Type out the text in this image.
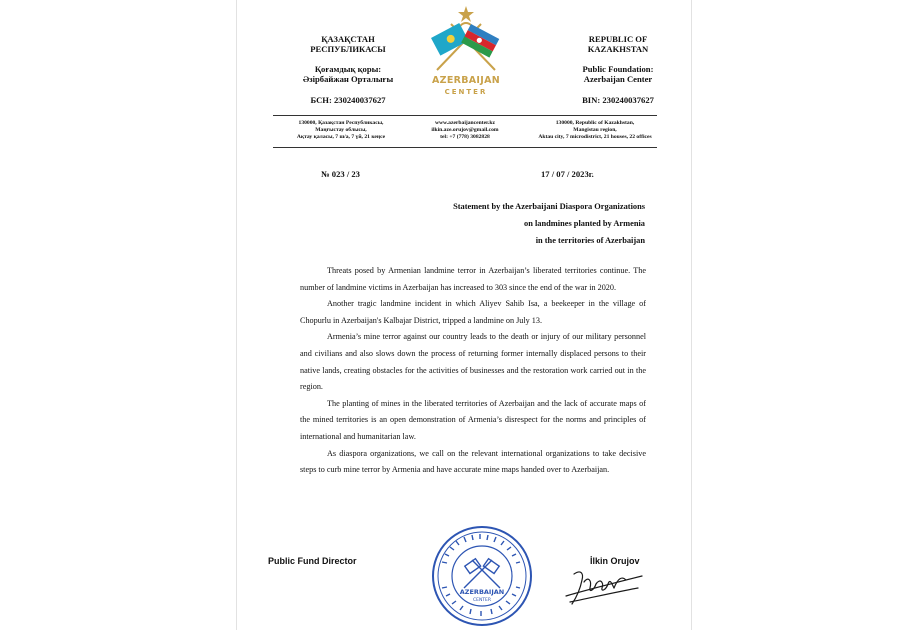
ҚАЗАҚСТАН
РЕСПУБЛИКАСЫ
Қоғамдық қоры:
Әзірбайжан Орталығы
БСН: 230240037627
AZERBAIJAN
CENTER
REPUBLIC OF
KAZAKHSTAN
Public Foundation:
Azerbaijan Center
BIN: 230240037627
130000, Қазақстан Республикасы,
Маңғыстау облысы,
Ақтау қаласы, 7 ш/а, 7 үй, 21 кеңсе
www.azerbaijancenter.kz
ilkin.aze.orujov@gmail.com
tel: +7 (778) 3082828
130000, Republic of Kazakhstan,
Mangistau region,
Aktau city, 7 microdistrict, 21 houses, 22 offices
№ 023 / 23	17 / 07 / 2023г.
Statement by the Azerbaijani Diaspora Organizations
on landmines planted by Armenia
in the territories of Azerbaijan

Threats posed by Armenian landmine terror in Azerbaijan’s liberated territories continue. The number of landmine victims in Azerbaijan has increased to 303 since the end of the war in 2020.

Another tragic landmine incident in which Aliyev Sahib Isa, a beekeeper in the village of Chopurlu in Azerbaijan's Kalbajar District, tripped a landmine on July 13.

Armenia’s mine terror against our country leads to the death or injury of our military personnel and civilians and also slows down the process of returning former internally displaced persons to their native lands, creating obstacles for the activities of businesses and the restoration work carried out in the region.

The planting of mines in the liberated territories of Azerbaijan and the lack of accurate maps of the mined territories is an open demonstration of Armenia’s disrespect for the norms and principles of international and humanitarian law.

As diaspora organizations, we call on the relevant international organizations to take decisive steps to curb mine terror by Armenia and have accurate mine maps handed over to Azerbaijan.

Public Fund Director
AZERBAIJAN
CENTER
İlkin Orujov
